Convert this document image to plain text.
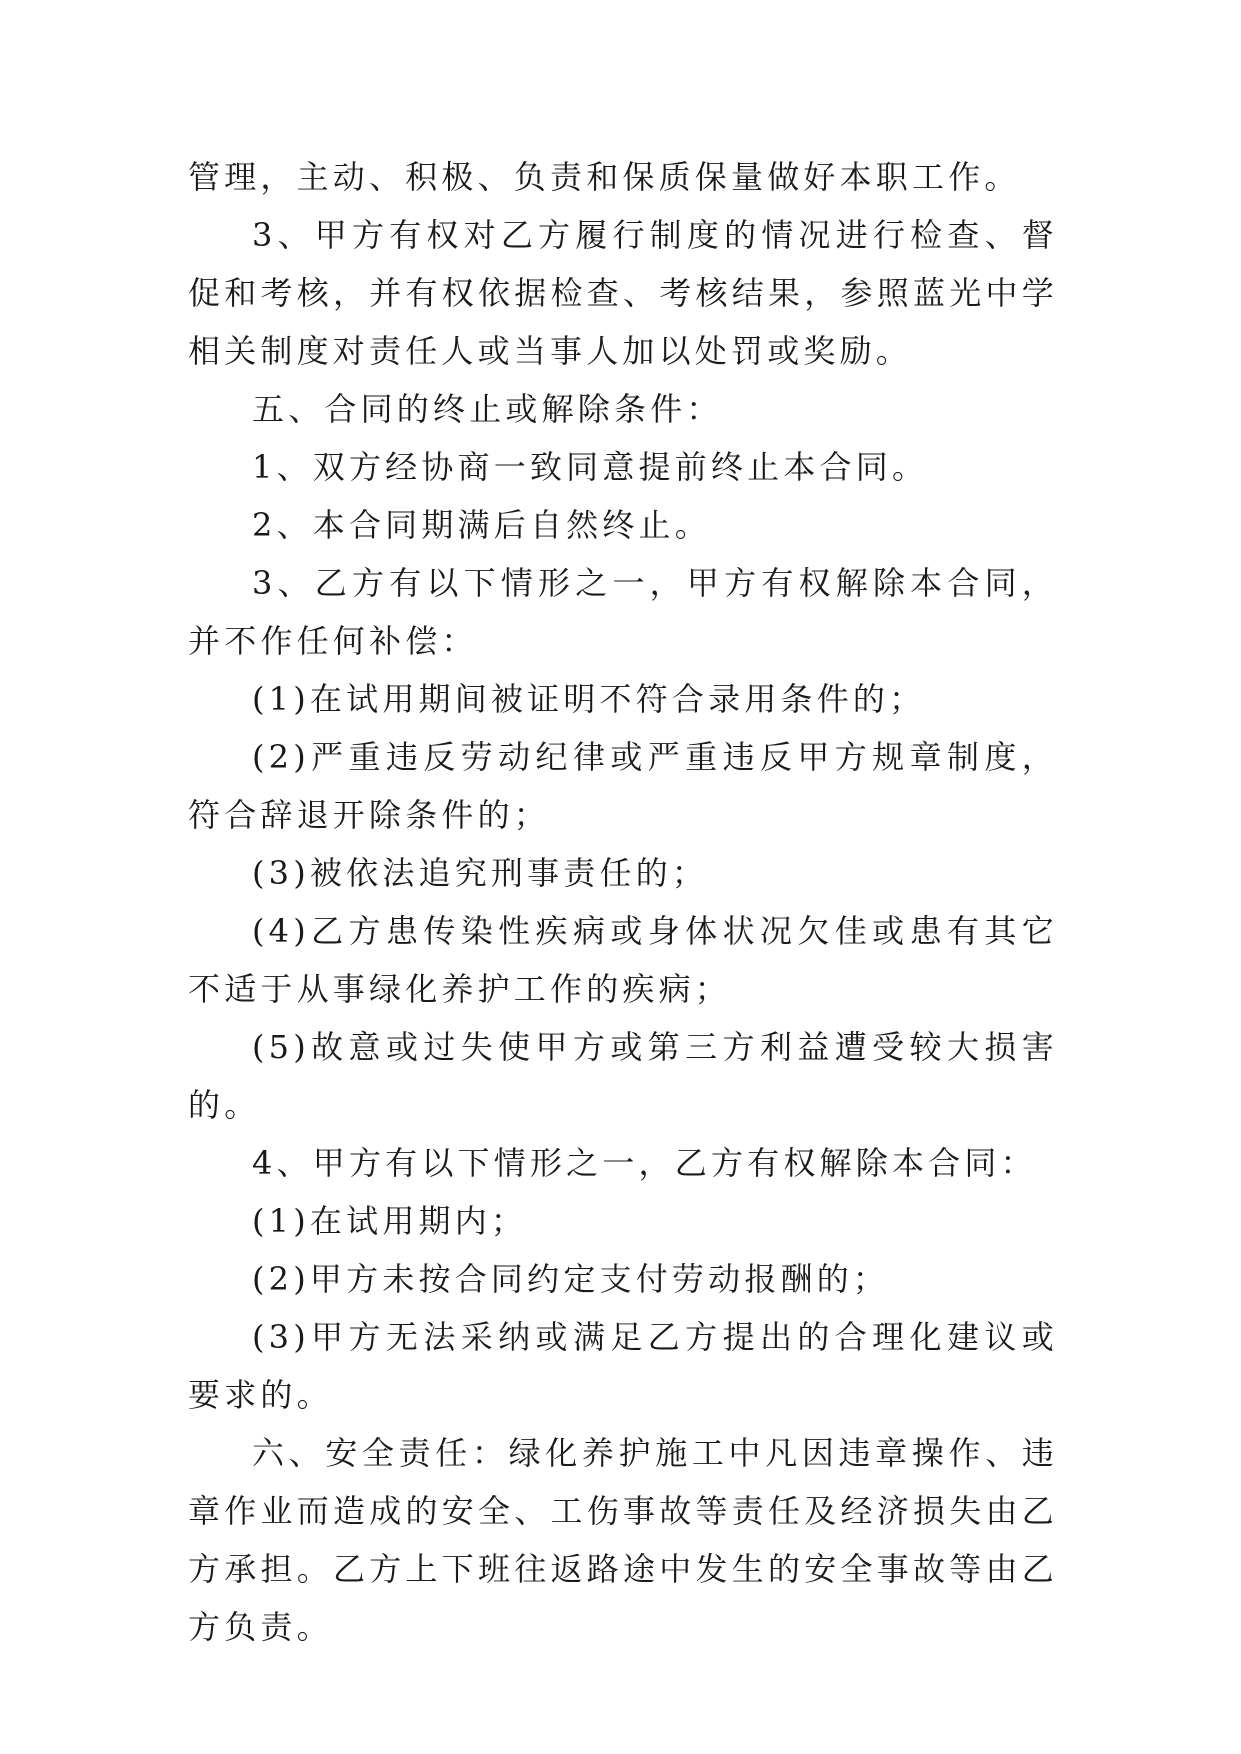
管理，主动、积极、负责和保质保量做好本职工作。

3、甲方有权对乙方履行制度的情况进行检查、督促和考核，并有权依据检查、考核结果，参照蓝光中学相关制度对责任人或当事人加以处罚或奖励。

五、合同的终止或解除条件：

1、双方经协商一致同意提前终止本合同。

2、本合同期满后自然终止。

3、乙方有以下情形之一，甲方有权解除本合同，并不作任何补偿：

(1)在试用期间被证明不符合录用条件的；

(2)严重违反劳动纪律或严重违反甲方规章制度，符合辞退开除条件的；

(3)被依法追究刑事责任的；

(4)乙方患传染性疾病或身体状况欠佳或患有其它不适于从事绿化养护工作的疾病；

(5)故意或过失使甲方或第三方利益遭受较大损害的。

4、甲方有以下情形之一，乙方有权解除本合同：

(1)在试用期内；

(2)甲方未按合同约定支付劳动报酬的；

(3)甲方无法采纳或满足乙方提出的合理化建议或要求的。

六、安全责任：绿化养护施工中凡因违章操作、违章作业而造成的安全、工伤事故等责任及经济损失由乙方承担。乙方上下班往返路途中发生的安全事故等由乙方负责。
